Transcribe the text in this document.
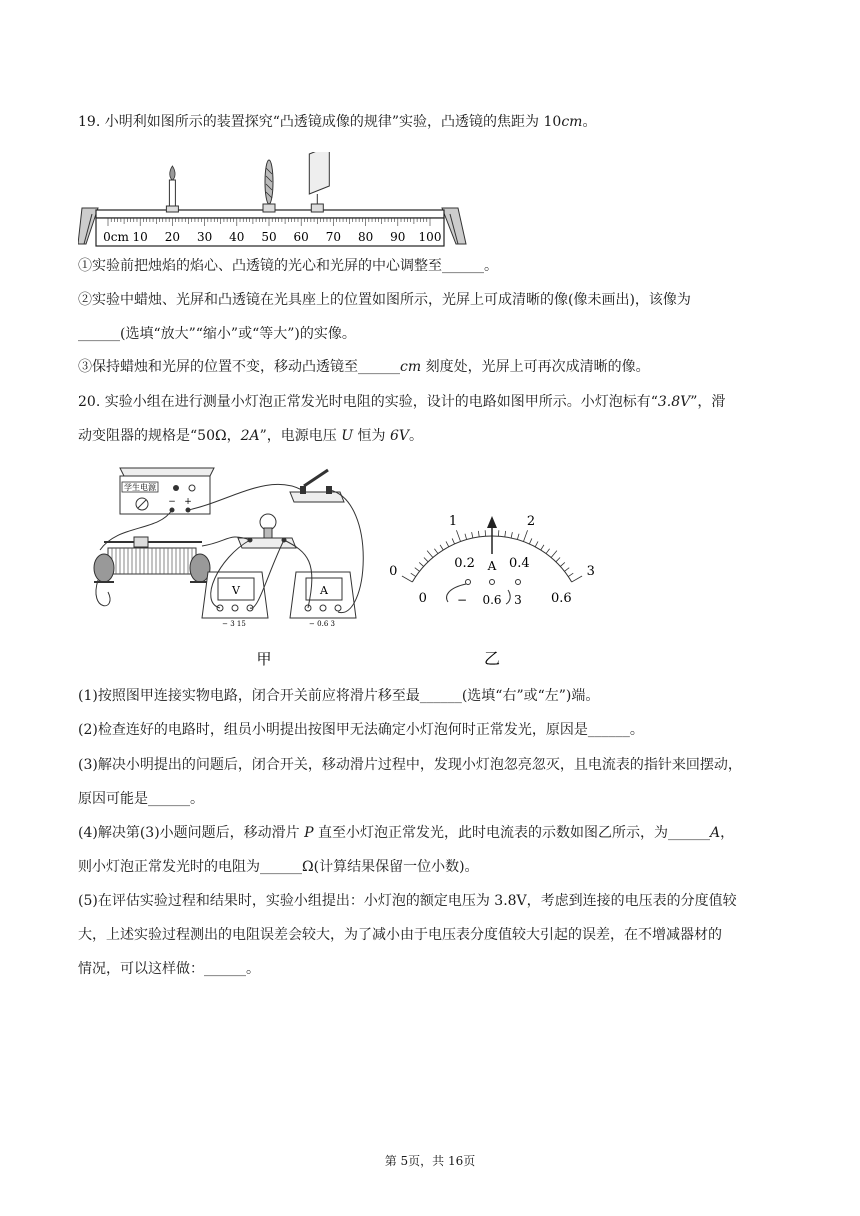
19. 小明利如图所示的装置探究“凸透镜成像的规律”实验，凸透镜的焦距为 10cm。
0cm 10 20 30 40 50 60 70 80 90 100
①实验前把烛焰的焰心、凸透镜的光心和光屏的中心调整至______。
②实验中蜡烛、光屏和凸透镜在光具座上的位置如图所示，光屏上可成清晰的像(像未画出)，该像为
______(选填“放大”“缩小”或“等大”)的实像。
③保持蜡烛和光屏的位置不变，移动凸透镜至______cm 刻度处，光屏上可再次成清晰的像。
20. 实验小组在进行测量小灯泡正常发光时电阻的实验，设计的电路如图甲所示。小灯泡标有“3.8V”，滑
动变阻器的规格是“50Ω，2A”，电源电压 U 恒为 6V。
学生电源
− +
V
− 3 15
A
− 0.6 3
甲
0
1	2
3
0
0.2	0.4
0.6
A
− 0.6 3
乙
(1)按照图甲连接实物电路，闭合开关前应将滑片移至最______(选填“右”或“左”)端。
(2)检查连好的电路时，组员小明提出按图甲无法确定小灯泡何时正常发光，原因是______。
(3)解决小明提出的问题后，闭合开关，移动滑片过程中，发现小灯泡忽亮忽灭，且电流表的指针来回摆动，
原因可能是______。
(4)解决第(3)小题问题后，移动滑片 P 直至小灯泡正常发光，此时电流表的示数如图乙所示，为______A，
则小灯泡正常发光时的电阻为______Ω(计算结果保留一位小数)。
(5)在评估实验过程和结果时，实验小组提出：小灯泡的额定电压为 3.8V，考虑到连接的电压表的分度值较
大，上述实验过程测出的电阻误差会较大，为了减小由于电压表分度值较大引起的误差，在不增减器材的
情况，可以这样做：______。
第 5页，共 16页
